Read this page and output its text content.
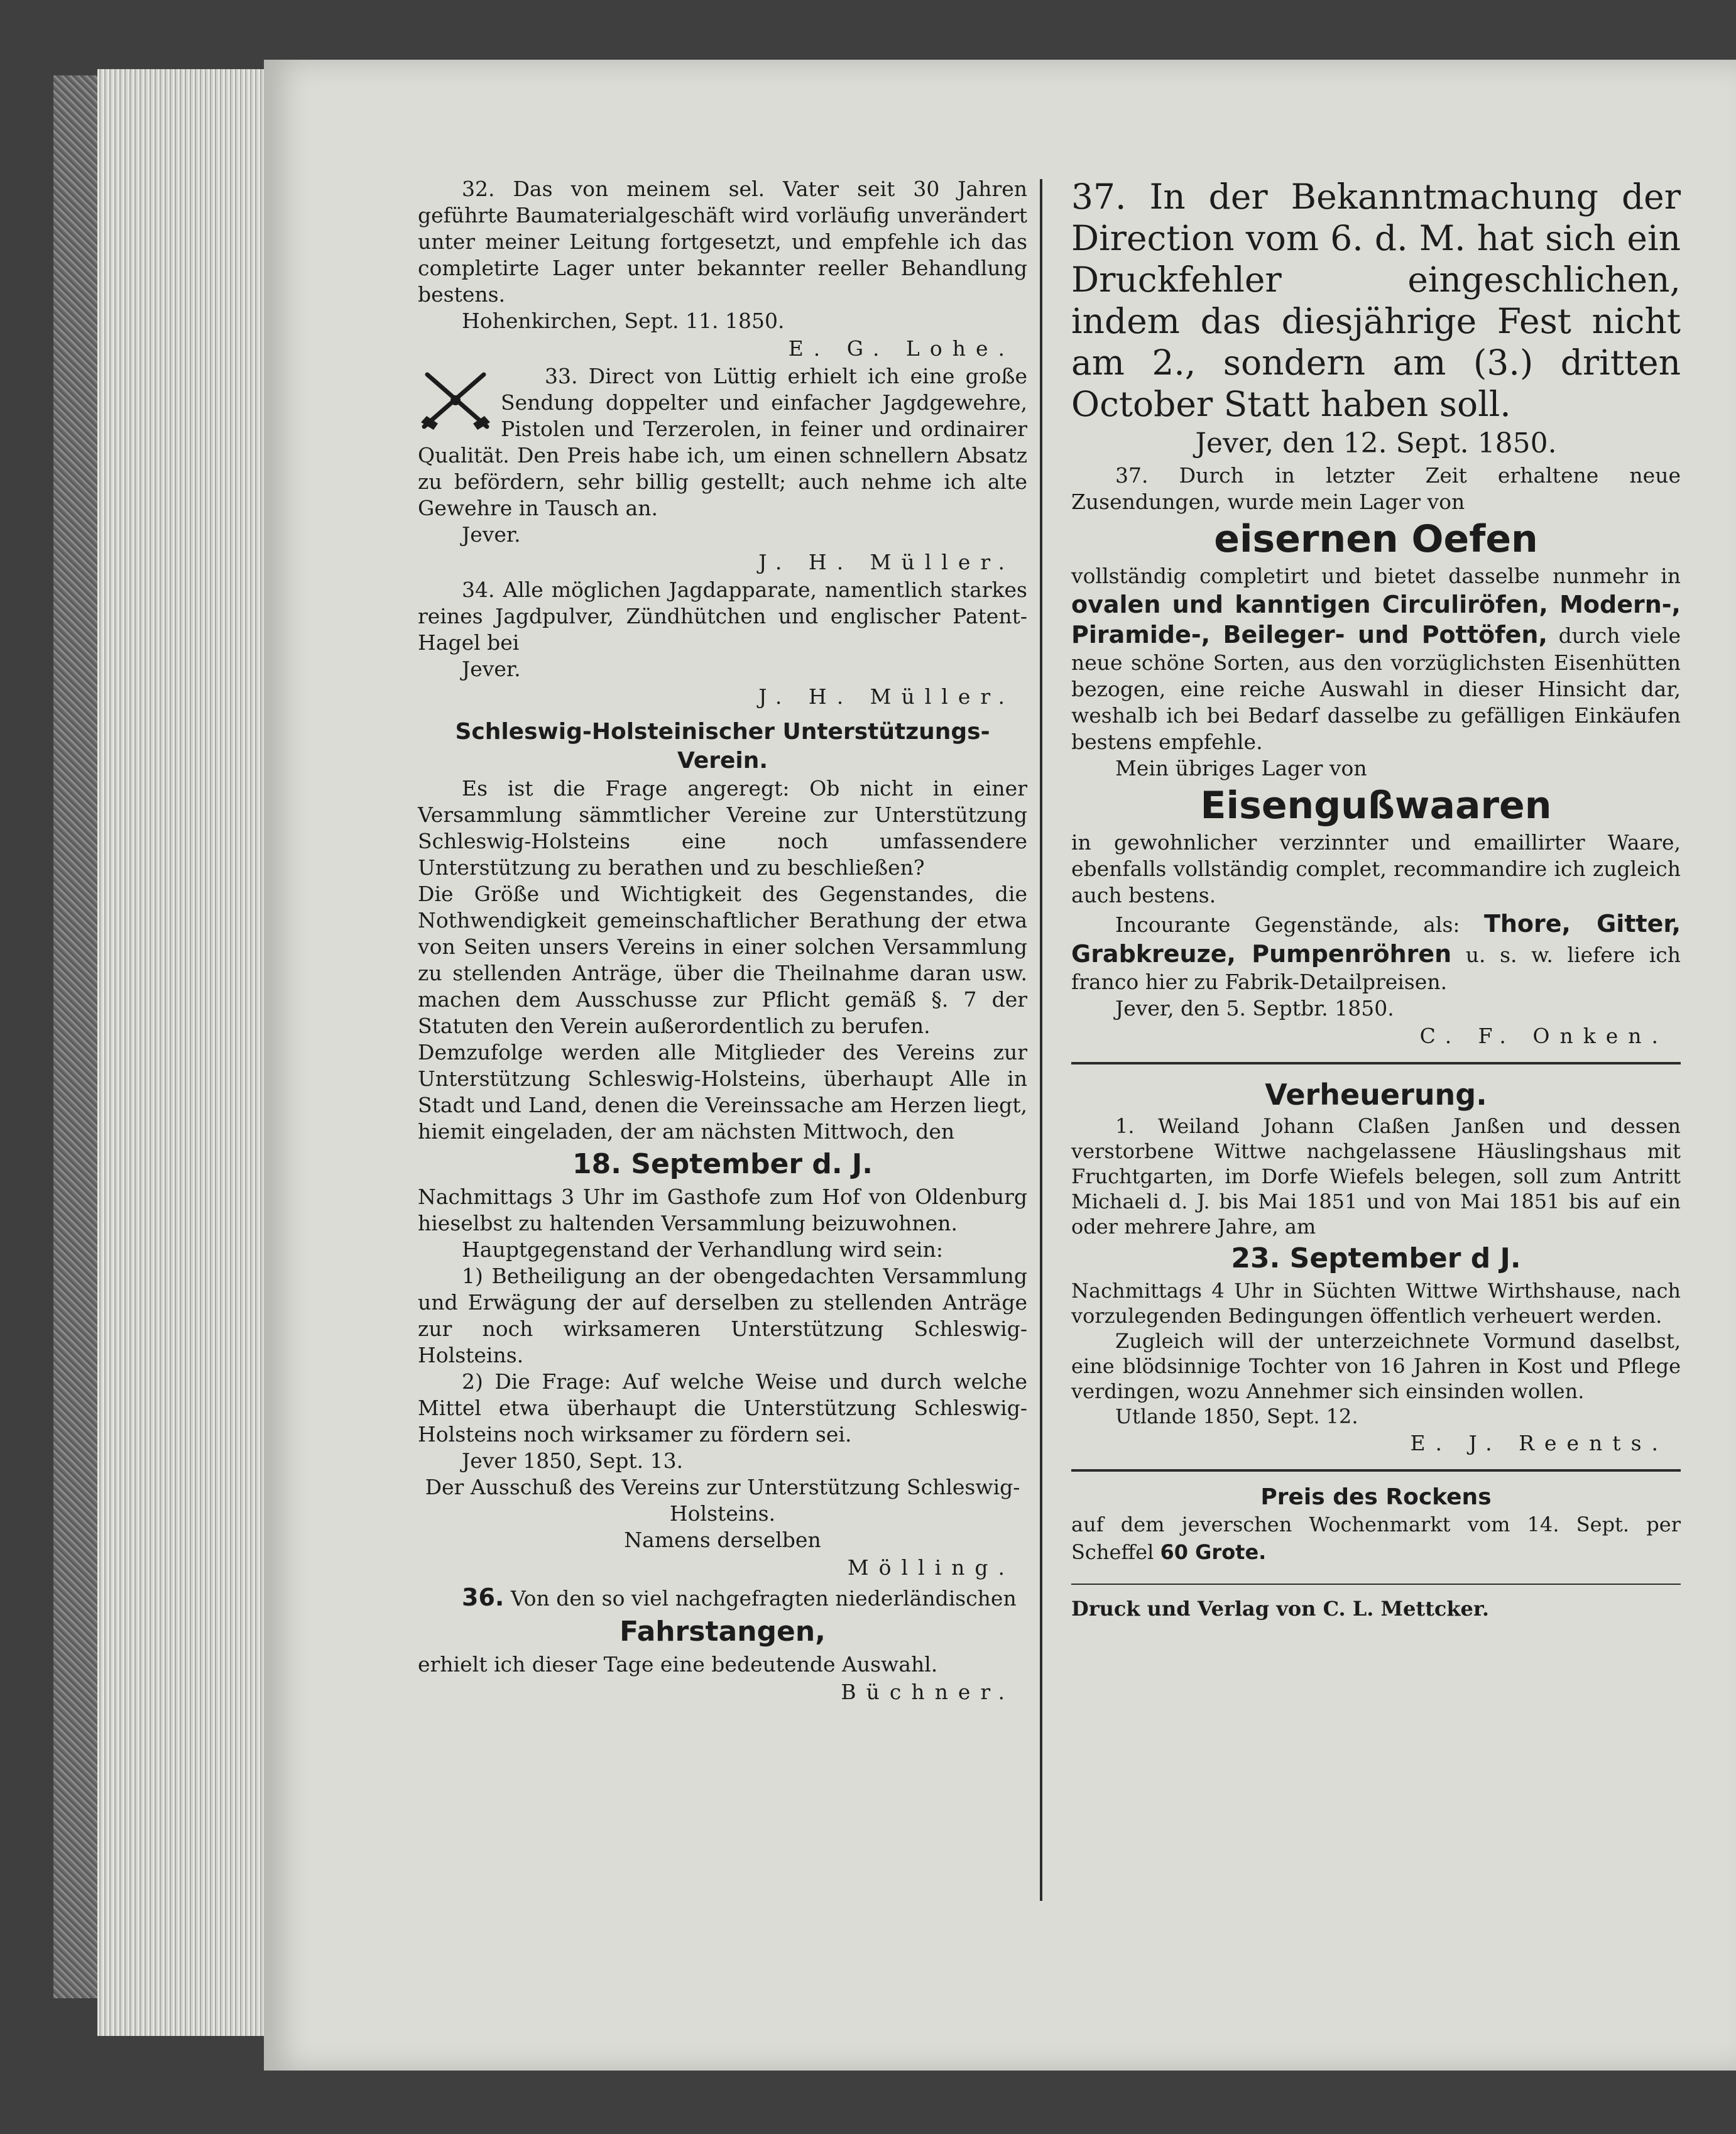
32. Das von meinem sel. Vater seit 30 Jahren geführte Baumaterialgeschäft wird vorläufig unverändert unter meiner Leitung fortgesetzt, und empfehle ich das completirte Lager unter bekannter reeller Behandlung bestens.

Hohenkirchen, Sept. 11. 1850.

E. G. Lohe.

33. Direct von Lüttig erhielt ich eine große Sendung doppelter und einfacher Jagdgewehre, Pistolen und Terzerolen, in feiner und ordinairer Qualität. Den Preis habe ich, um einen schnellern Absatz zu befördern, sehr billig gestellt; auch nehme ich alte Gewehre in Tausch an.

Jever.

J. H. Müller.

34. Alle möglichen Jagdapparate, namentlich starkes reines Jagdpulver, Zündhütchen und englischer Patent-Hagel bei

Jever.

J. H. Müller.

Schleswig-Holsteinischer Unterstützungs-Verein.

Es ist die Frage angeregt: Ob nicht in einer Versammlung sämmtlicher Vereine zur Unterstützung Schleswig-Holsteins eine noch umfassendere Unterstützung zu berathen und zu beschließen?

Die Größe und Wichtigkeit des Gegenstandes, die Nothwendigkeit gemeinschaftlicher Berathung der etwa von Seiten unsers Vereins in einer solchen Versammlung zu stellenden Anträge, über die Theilnahme daran usw. machen dem Ausschusse zur Pflicht gemäß §. 7 der Statuten den Verein außerordentlich zu berufen.

Demzufolge werden alle Mitglieder des Vereins zur Unterstützung Schleswig-Holsteins, überhaupt Alle in Stadt und Land, denen die Vereinssache am Herzen liegt, hiemit eingeladen, der am nächsten Mittwoch, den

18. September d. J.

Nachmittags 3 Uhr im Gasthofe zum Hof von Oldenburg hieselbst zu haltenden Versammlung beizuwohnen.

Hauptgegenstand der Verhandlung wird sein:

1) Betheiligung an der obengedachten Versammlung und Erwägung der auf derselben zu stellenden Anträge zur noch wirksameren Unterstützung Schleswig-Holsteins.

2) Die Frage: Auf welche Weise und durch welche Mittel etwa überhaupt die Unterstützung Schleswig-Holsteins noch wirksamer zu fördern sei.

Jever 1850, Sept. 13.

Der Ausschuß des Vereins zur Unterstützung Schleswig-Holsteins.

Namens derselben

Mölling.

36. Von den so viel nachgefragten niederländischen

Fahrstangen,

erhielt ich dieser Tage eine bedeutende Auswahl.

Büchner.

37. In der Bekanntmachung der Direction vom 6. d. M. hat sich ein Druckfehler eingeschlichen, indem das diesjährige Fest nicht am 2., sondern am (3.) dritten October Statt haben soll.

Jever, den 12. Sept. 1850.

37. Durch in letzter Zeit erhaltene neue Zusendungen, wurde mein Lager von

eisernen Oefen

vollständig completirt und bietet dasselbe nunmehr in ovalen und kanntigen Circuliröfen, Modern-, Piramide-, Beileger- und Pottöfen, durch viele neue schöne Sorten, aus den vorzüglichsten Eisenhütten bezogen, eine reiche Auswahl in dieser Hinsicht dar, weshalb ich bei Bedarf dasselbe zu gefälligen Einkäufen bestens empfehle.

Mein übriges Lager von

Eisengußwaaren

in gewohnlicher verzinnter und emaillirter Waare, ebenfalls vollständig complet, recommandire ich zugleich auch bestens.

Incourante Gegenstände, als: Thore, Gitter, Grabkreuze, Pumpenröhren u. s. w. liefere ich franco hier zu Fabrik-Detailpreisen.

Jever, den 5. Septbr. 1850.

C. F. Onken.

Verheuerung.

1. Weiland Johann Claßen Janßen und dessen verstorbene Wittwe nachgelassene Häuslingshaus mit Fruchtgarten, im Dorfe Wiefels belegen, soll zum Antritt Michaeli d. J. bis Mai 1851 und von Mai 1851 bis auf ein oder mehrere Jahre, am

23. September d J.

Nachmittags 4 Uhr in Süchten Wittwe Wirthshause, nach vorzulegenden Bedingungen öffentlich verheuert werden.

Zugleich will der unterzeichnete Vormund daselbst, eine blödsinnige Tochter von 16 Jahren in Kost und Pflege verdingen, wozu Annehmer sich einsinden wollen.

Utlande 1850, Sept. 12.

E. J. Reents.

Preis des Rockens

auf dem jeverschen Wochenmarkt vom 14. Sept. per Scheffel 60 Grote.

Druck und Verlag von C. L. Mettcker.
